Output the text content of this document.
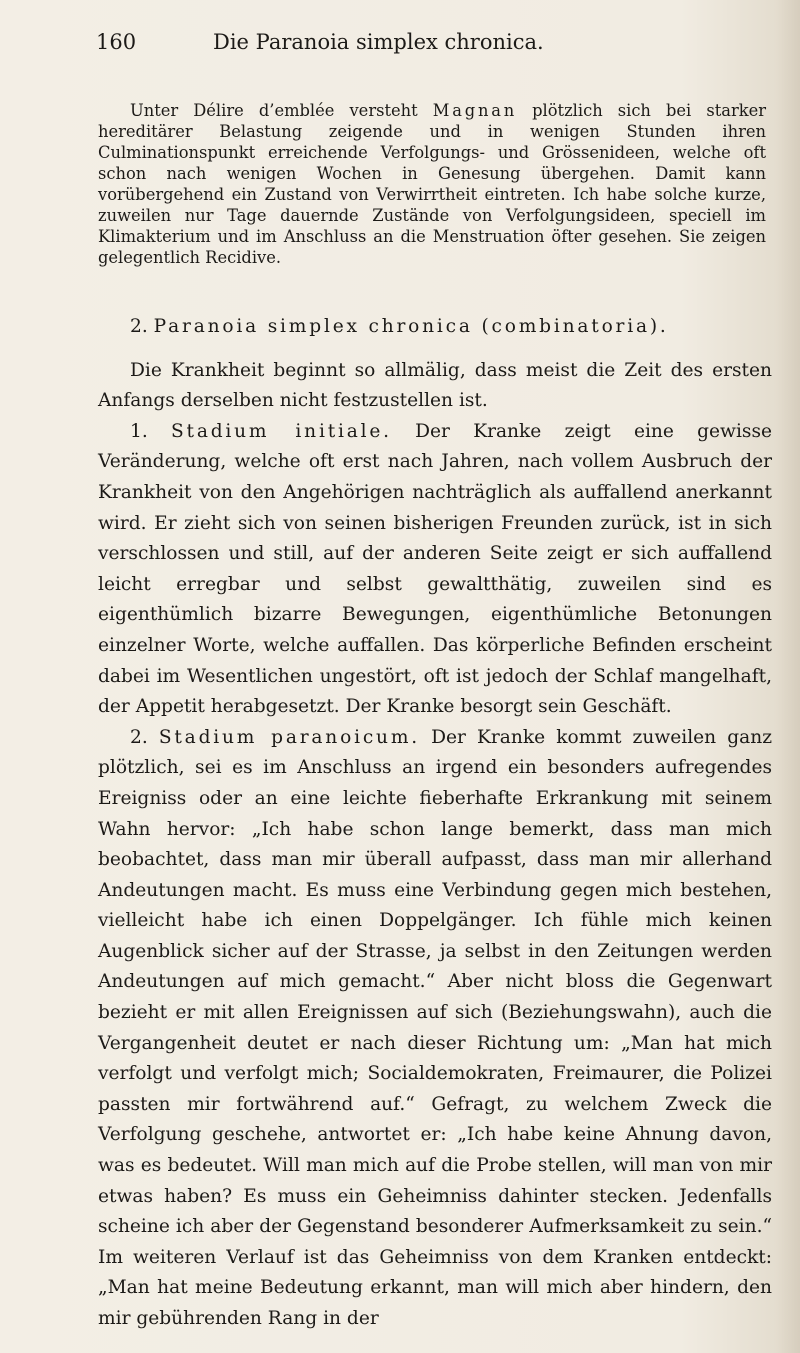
160	Die Paranoia simplex chronica.

Unter Délire d’emblée versteht Magnan plötzlich sich bei starker hereditärer Belastung zeigende und in wenigen Stunden ihren Culminationspunkt erreichende Verfolgungs- und Grössenideen, welche oft schon nach wenigen Wochen in Genesung übergehen. Damit kann vorübergehend ein Zustand von Verwirrtheit eintreten. Ich habe solche kurze, zuweilen nur Tage dauernde Zustände von Verfolgungsideen, speciell im Klimakterium und im Anschluss an die Menstruation öfter gesehen. Sie zeigen gelegentlich Recidive.

2. Paranoia simplex chronica (combinatoria).

Die Krankheit beginnt so allmälig, dass meist die Zeit des ersten Anfangs derselben nicht festzustellen ist.

1. Stadium initiale. Der Kranke zeigt eine gewisse Veränderung, welche oft erst nach Jahren, nach vollem Ausbruch der Krankheit von den Angehörigen nachträglich als auffallend anerkannt wird. Er zieht sich von seinen bisherigen Freunden zurück, ist in sich verschlossen und still, auf der anderen Seite zeigt er sich auffallend leicht erregbar und selbst gewaltthätig, zuweilen sind es eigenthümlich bizarre Bewegungen, eigenthümliche Betonungen einzelner Worte, welche auffallen. Das körperliche Befinden erscheint dabei im Wesentlichen ungestört, oft ist jedoch der Schlaf mangelhaft, der Appetit herabgesetzt. Der Kranke besorgt sein Geschäft.

2. Stadium paranoicum. Der Kranke kommt zuweilen ganz plötzlich, sei es im Anschluss an irgend ein besonders aufregendes Ereigniss oder an eine leichte fieberhafte Erkrankung mit seinem Wahn hervor: „Ich habe schon lange bemerkt, dass man mich beobachtet, dass man mir überall aufpasst, dass man mir allerhand Andeutungen macht. Es muss eine Verbindung gegen mich bestehen, vielleicht habe ich einen Doppelgänger. Ich fühle mich keinen Augenblick sicher auf der Strasse, ja selbst in den Zeitungen werden Andeutungen auf mich gemacht.“ Aber nicht bloss die Gegenwart bezieht er mit allen Ereignissen auf sich (Beziehungswahn), auch die Vergangenheit deutet er nach dieser Richtung um: „Man hat mich verfolgt und verfolgt mich; Socialdemokraten, Freimaurer, die Polizei passten mir fortwährend auf.“ Gefragt, zu welchem Zweck die Verfolgung geschehe, antwortet er: „Ich habe keine Ahnung davon, was es bedeutet. Will man mich auf die Probe stellen, will man von mir etwas haben? Es muss ein Geheimniss dahinter stecken. Jedenfalls scheine ich aber der Gegenstand besonderer Aufmerksamkeit zu sein.“ Im weiteren Verlauf ist das Geheimniss von dem Kranken entdeckt: „Man hat meine Bedeutung erkannt, man will mich aber hindern, den mir gebührenden Rang in der
